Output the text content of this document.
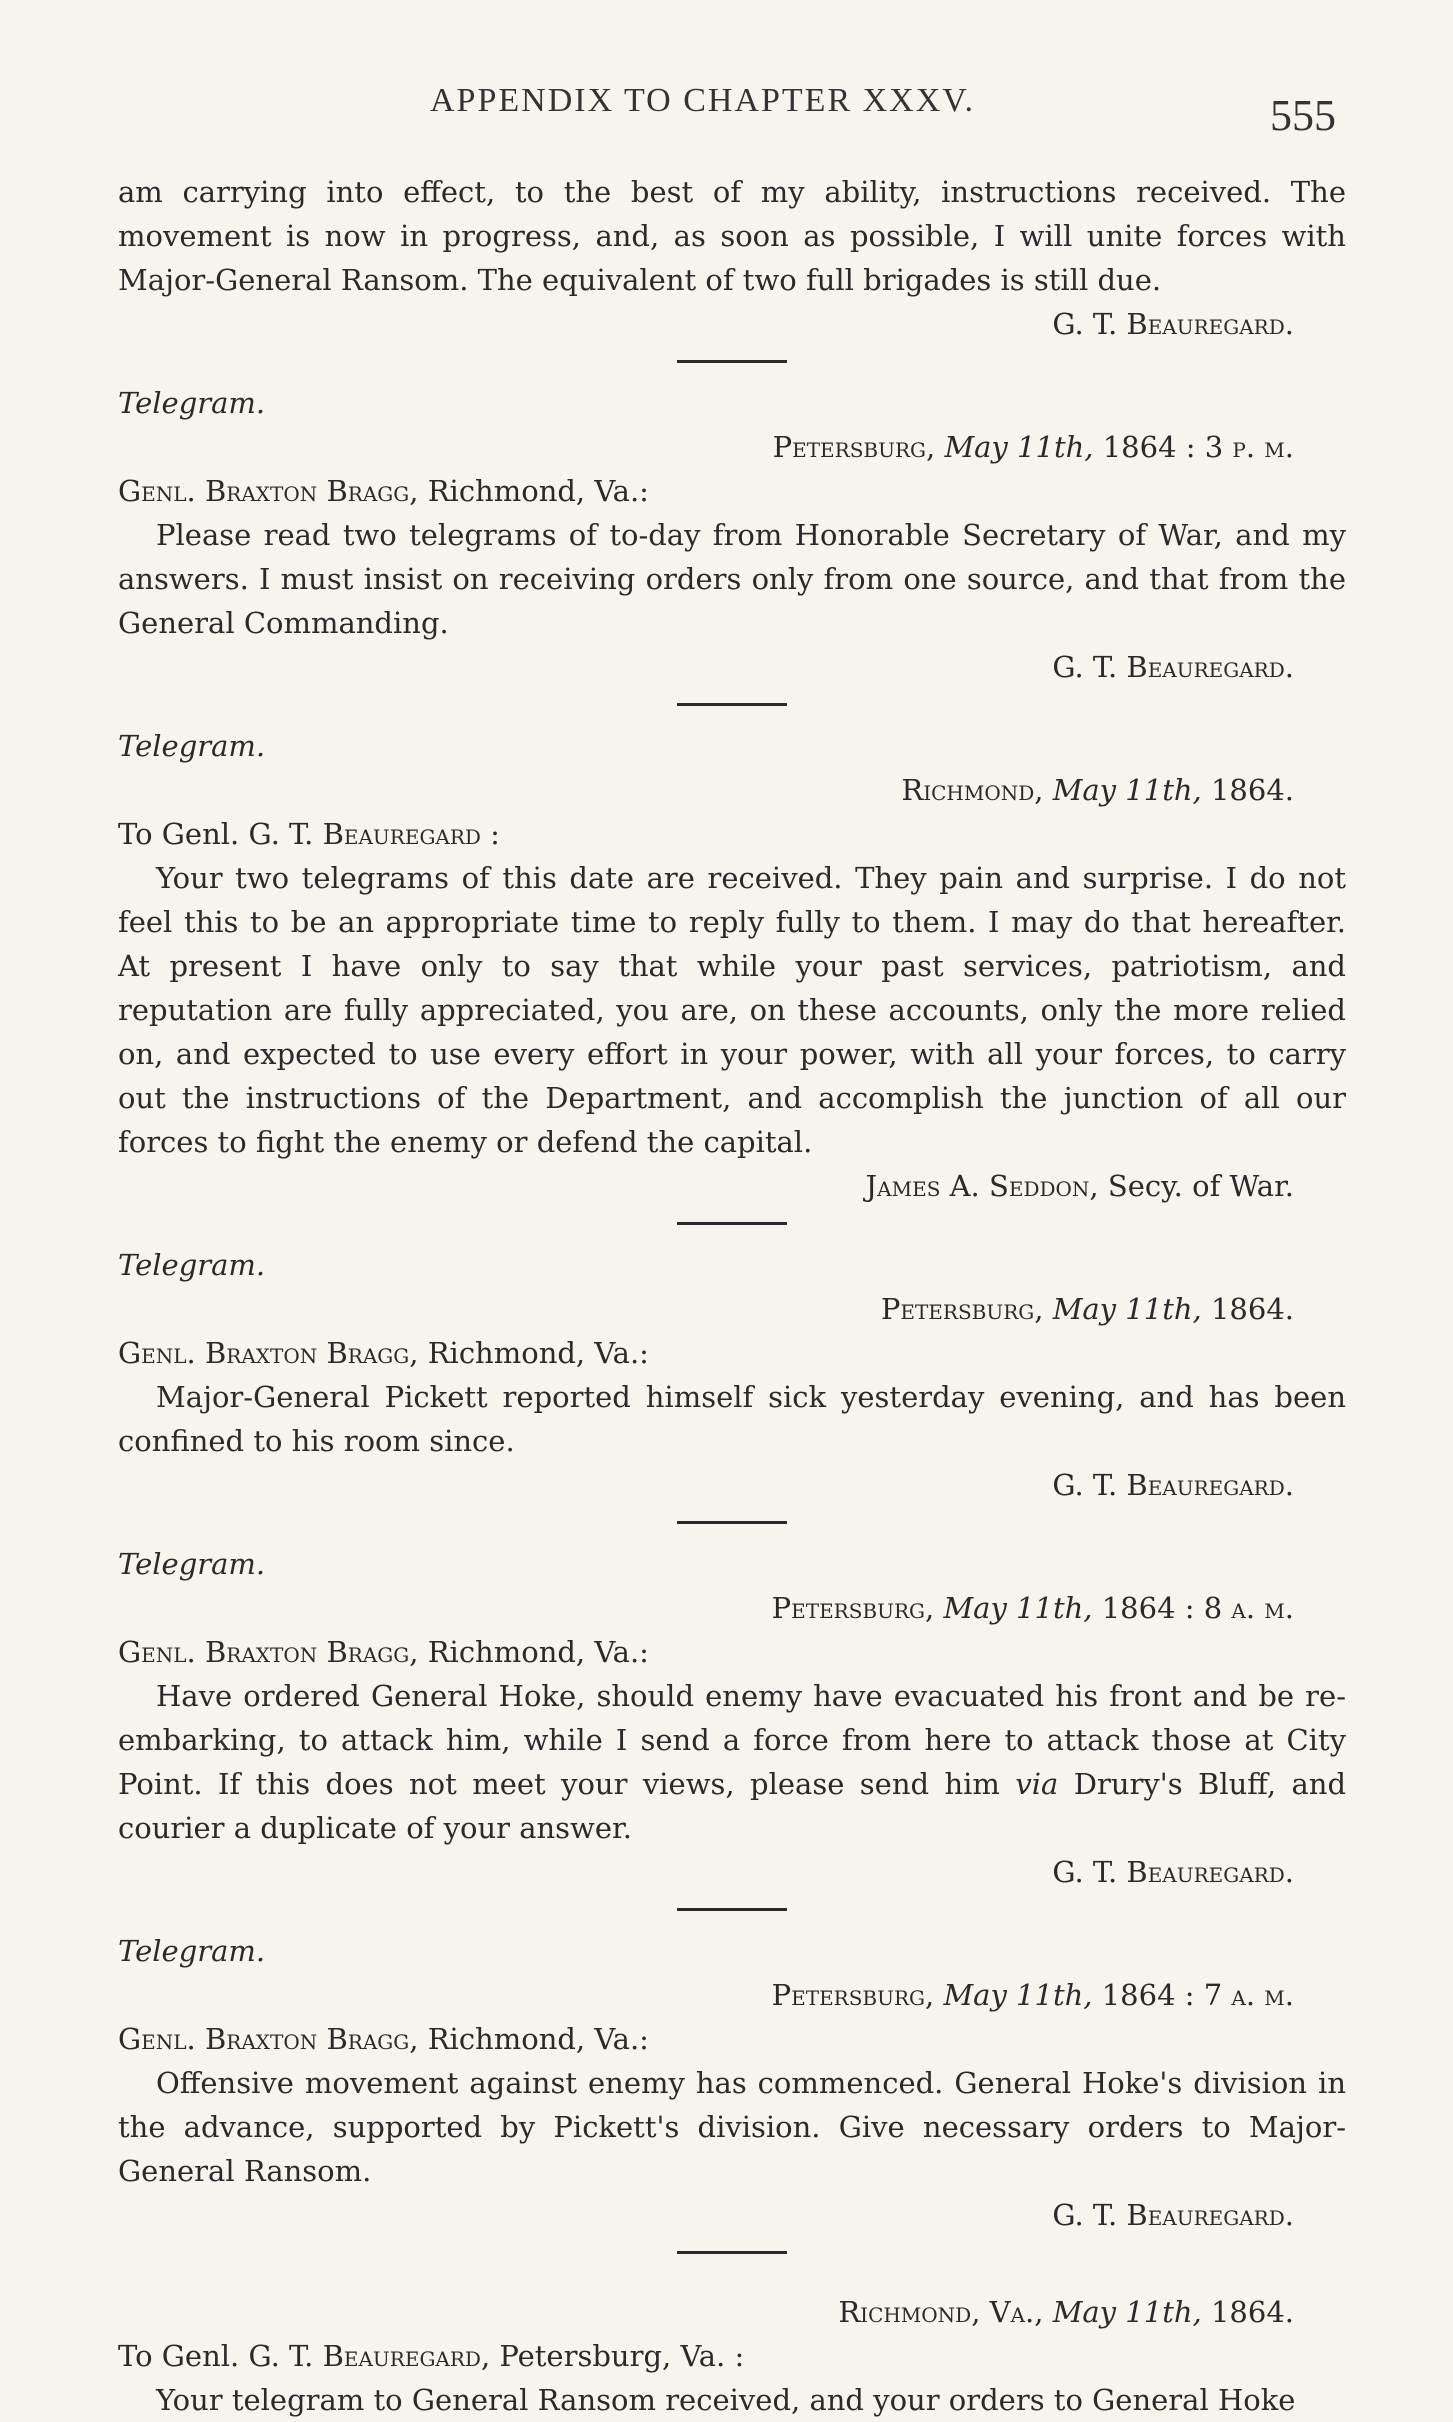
APPENDIX TO CHAPTER XXXV.	555

am carrying into effect, to the best of my ability, instructions received. The movement is now in progress, and, as soon as possible, I will unite forces with Major-General Ransom. The equivalent of two full brigades is still due.

G. T. Beauregard.

Telegram.

Petersburg, May 11th, 1864 : 3 p. m.

Genl. Braxton Bragg, Richmond, Va.:

Please read two telegrams of to-day from Honorable Secretary of War, and my answers. I must insist on receiving orders only from one source, and that from the General Commanding.

G. T. Beauregard.

Telegram.

Richmond, May 11th, 1864.

To Genl. G. T. Beauregard :

Your two telegrams of this date are received. They pain and surprise. I do not feel this to be an appropriate time to reply fully to them. I may do that hereafter. At present I have only to say that while your past services, patriotism, and reputation are fully appreciated, you are, on these accounts, only the more relied on, and expected to use every effort in your power, with all your forces, to carry out the instructions of the Department, and accomplish the junction of all our forces to fight the enemy or defend the capital.

James A. Seddon, Secy. of War.

Telegram.

Petersburg, May 11th, 1864.

Genl. Braxton Bragg, Richmond, Va.:

Major-General Pickett reported himself sick yesterday evening, and has been confined to his room since.

G. T. Beauregard.

Telegram.

Petersburg, May 11th, 1864 : 8 a. m.

Genl. Braxton Bragg, Richmond, Va.:

Have ordered General Hoke, should enemy have evacuated his front and be re-embarking, to attack him, while I send a force from here to attack those at City Point. If this does not meet your views, please send him via Drury's Bluff, and courier a duplicate of your answer.

G. T. Beauregard.

Telegram.

Petersburg, May 11th, 1864 : 7 a. m.

Genl. Braxton Bragg, Richmond, Va.:

Offensive movement against enemy has commenced. General Hoke's division in the advance, supported by Pickett's division. Give necessary orders to Major-General Ransom.

G. T. Beauregard.

Richmond, Va., May 11th, 1864.

To Genl. G. T. Beauregard, Petersburg, Va. :

Your telegram to General Ransom received, and your orders to General Hoke
